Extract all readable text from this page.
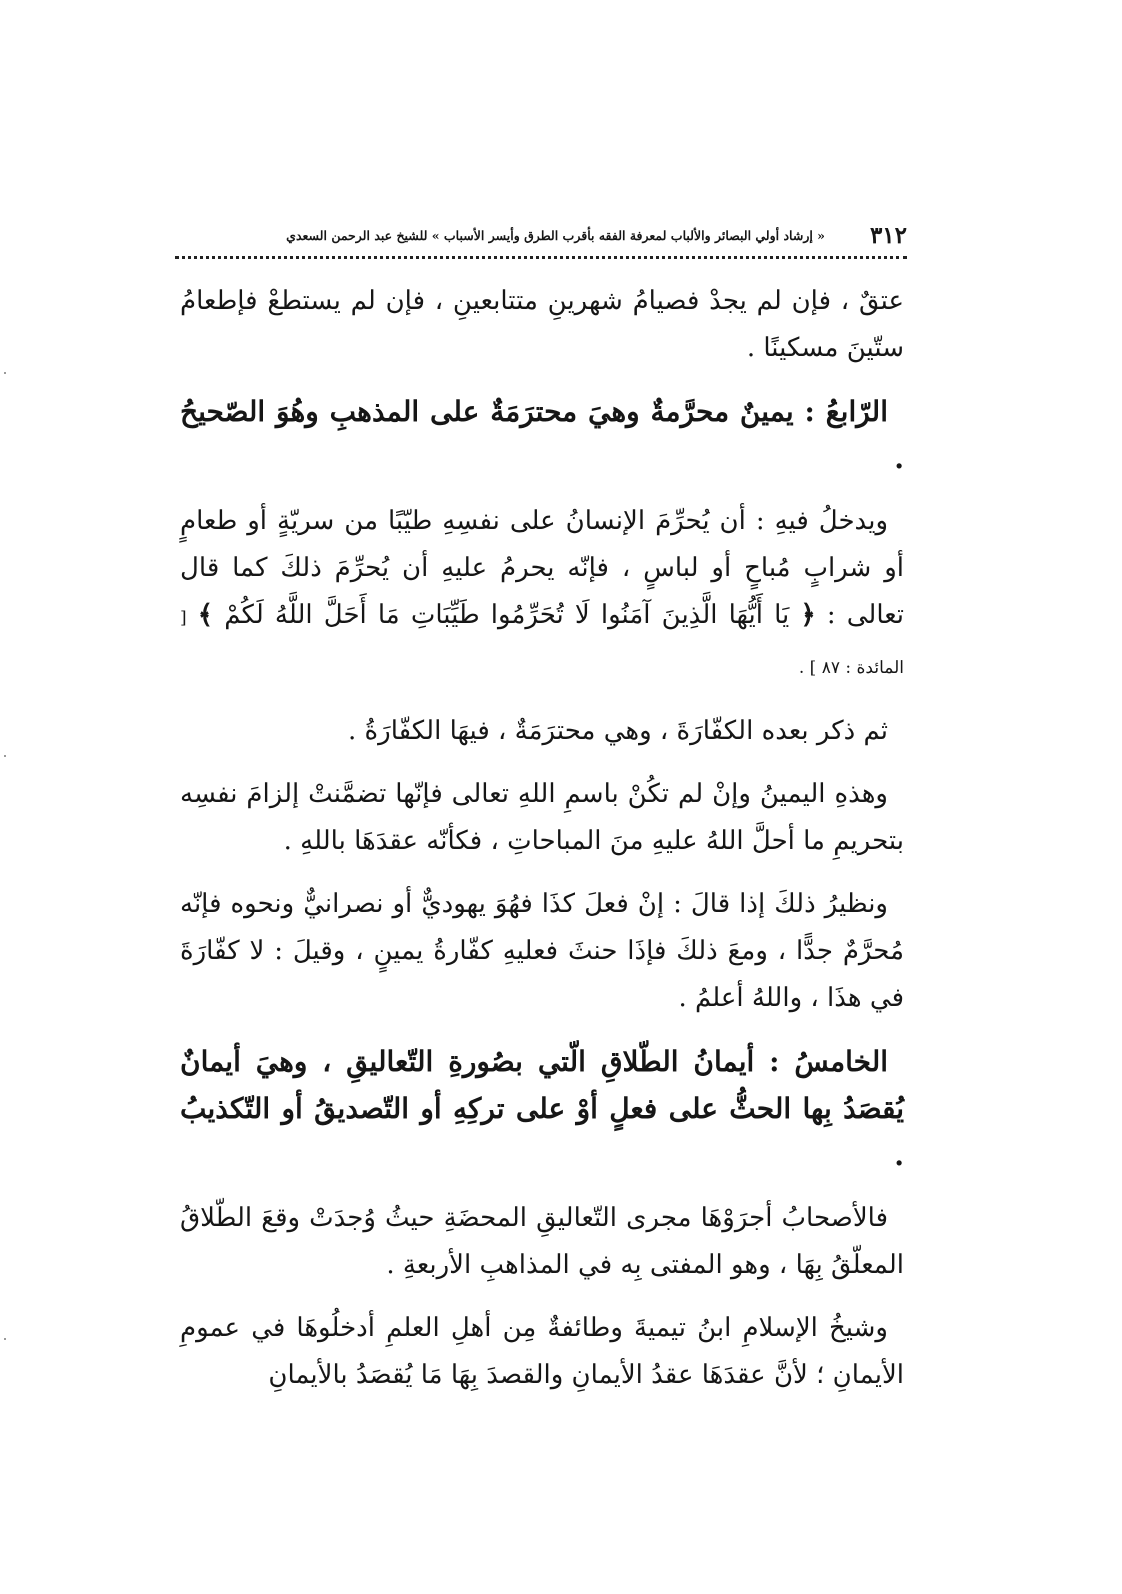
٣١٢
« إرشاد أولي البصائر والألباب لمعرفة الفقه بأقرب الطرق وأيسر الأسباب » للشيخ عبد الرحمن السعدي

عتقٌ ، فإن لم يجدْ فصيامُ شهرينِ متتابعينِ ، فإن لم يستطعْ فإطعامُ ستّينَ مسكينًا .

الرّابعُ : يمينٌ محرَّمةٌ وهيَ محترَمَةٌ على المذهبِ وهُوَ الصّحيحُ .

ويدخلُ فيهِ : أن يُحرِّمَ الإنسانُ على نفسِهِ طيّبًا من سريّةٍ أو طعامٍ أو شرابٍ مُباحٍ أو لباسٍ ، فإنّه يحرمُ عليهِ أن يُحرِّمَ ذلكَ كما قال تعالى : ﴿ يَا أَيُّهَا الَّذِينَ آمَنُوا لَا تُحَرِّمُوا طَيِّبَاتِ مَا أَحَلَّ اللَّهُ لَكُمْ ﴾ [ المائدة : ٨٧ ] .

ثم ذكر بعده الكفّارَةَ ، وهي محترَمَةٌ ، فيهَا الكفّارَةُ .

وهذهِ اليمينُ وإنْ لم تكُنْ باسمِ اللهِ تعالى فإنّها تضمَّنتْ إلزامَ نفسِه بتحريمِ ما أحلَّ اللهُ عليهِ منَ المباحاتِ ، فكأنّه عقدَهَا باللهِ .

ونظيرُ ذلكَ إذا قالَ : إنْ فعلَ كذَا فهُوَ يهوديٌّ أو نصرانيٌّ ونحوه فإنّه مُحرَّمٌ جدًّا ، ومعَ ذلكَ فإذَا حنثَ فعليهِ كفّارةُ يمينٍ ، وقيلَ : لا كفّارَةَ في هذَا ، واللهُ أعلمُ .

الخامسُ : أيمانُ الطّلاقِ الّتي بصُورةِ التّعاليقِ ، وهيَ أيمانٌ يُقصَدُ بِها الحثُّ على فعلٍ أوْ على تركِهِ أو التّصديقُ أو التّكذيبُ .

فالأصحابُ أجرَوْهَا مجرى التّعاليقِ المحضَةِ حيثُ وُجدَتْ وقعَ الطّلاقُ المعلّقُ بِهَا ، وهو المفتى بِه في المذاهبِ الأربعةِ .

وشيخُ الإسلامِ ابنُ تيميةَ وطائفةٌ مِن أهلِ العلمِ أدخلُوهَا في عمومِ الأيمانِ ؛ لأنَّ عقدَهَا عقدُ الأيمانِ والقصدَ بِهَا مَا يُقصَدُ بالأيمانِ
